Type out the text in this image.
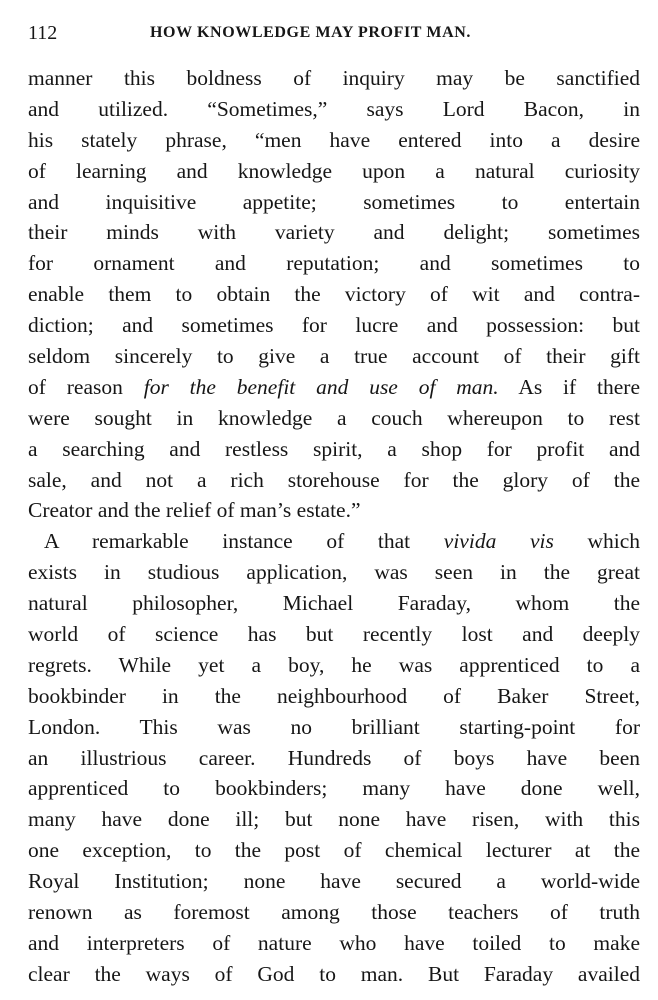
112	HOW KNOWLEDGE MAY PROFIT MAN.
manner this boldness of inquiry may be sanctified
and utilized. “Sometimes,” says Lord Bacon, in
his stately phrase, “men have entered into a desire
of learning and knowledge upon a natural curiosity
and inquisitive appetite; sometimes to entertain
their minds with variety and delight; sometimes
for ornament and reputation; and sometimes to
enable them to obtain the victory of wit and contra-
diction; and sometimes for lucre and possession: but
seldom sincerely to give a true account of their gift
of reason for the benefit and use of man. As if there
were sought in knowledge a couch whereupon to rest
a searching and restless spirit, a shop for profit and
sale, and not a rich storehouse for the glory of the
Creator and the relief of man’s estate.”
A remarkable instance of that vivida vis which
exists in studious application, was seen in the great
natural philosopher, Michael Faraday, whom the
world of science has but recently lost and deeply
regrets. While yet a boy, he was apprenticed to a
bookbinder in the neighbourhood of Baker Street,
London. This was no brilliant starting-point for
an illustrious career. Hundreds of boys have been
apprenticed to bookbinders; many have done well,
many have done ill; but none have risen, with this
one exception, to the post of chemical lecturer at the
Royal Institution; none have secured a world-wide
renown as foremost among those teachers of truth
and interpreters of nature who have toiled to make
clear the ways of God to man. But Faraday availed
